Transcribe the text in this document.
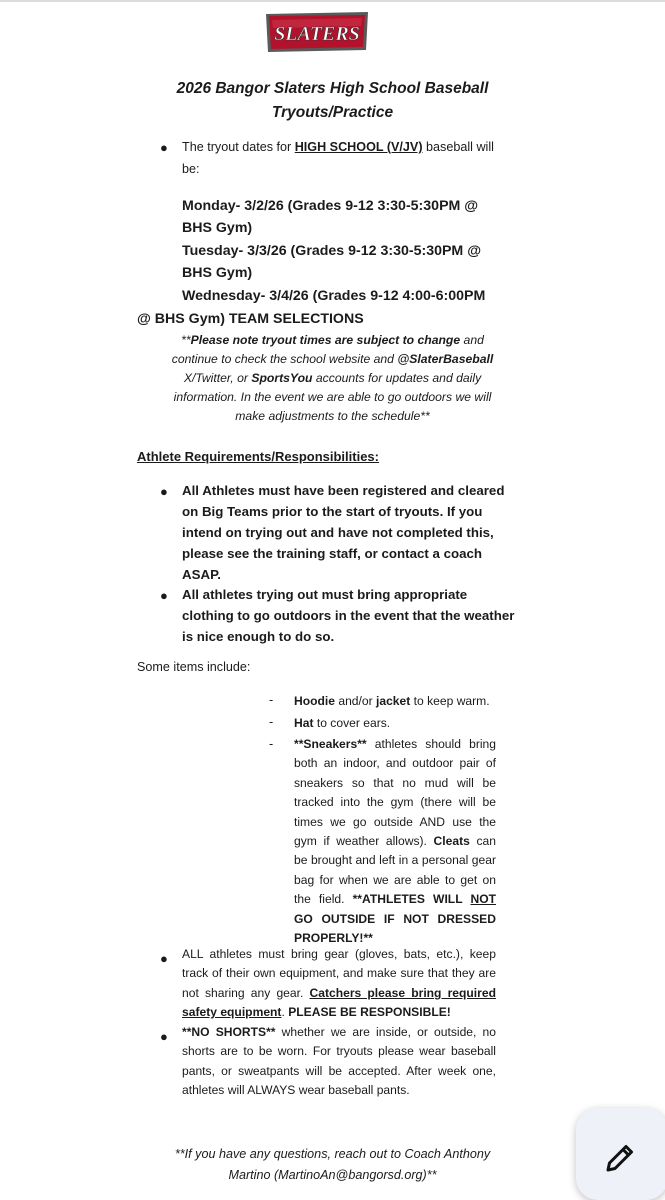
SLATERS
2026 Bangor Slaters High School Baseball
Tryouts/Practice
● The tryout dates for HIGH SCHOOL (V/JV) baseball will
be:
Monday- 3/2/26 (Grades 9-12 3:30-5:30PM @
BHS Gym)
Tuesday- 3/3/26 (Grades 9-12 3:30-5:30PM @
BHS Gym)
Wednesday- 3/4/26 (Grades 9-12 4:00-6:00PM
@ BHS Gym) TEAM SELECTIONS
**Please note tryout times are subject to change and
continue to check the school website and @SlaterBaseball
X/Twitter, or SportsYou accounts for updates and daily
information. In the event we are able to go outdoors we will
make adjustments to the schedule**
Athlete Requirements/Responsibilities:
● All Athletes must have been registered and cleared on Big Teams prior to the start of tryouts. If you intend on trying out and have not completed this, please see the training staff, or contact a coach ASAP.
● All athletes trying out must bring appropriate clothing to go outdoors in the event that the weather is nice enough to do so.
Some items include:
- Hoodie and/or jacket to keep warm.
- Hat to cover ears.
- **Sneakers** athletes should bring both an indoor, and outdoor pair of sneakers so that no mud will be tracked into the gym (there will be times we go outside AND use the gym if weather allows). Cleats can be brought and left in a personal gear bag for when we are able to get on the field. **ATHLETES WILL NOT GO OUTSIDE IF NOT DRESSED PROPERLY!**
● ALL athletes must bring gear (gloves, bats, etc.), keep track of their own equipment, and make sure that they are not sharing any gear. Catchers please bring required safety equipment. PLEASE BE RESPONSIBLE!
● **NO SHORTS** whether we are inside, or outside, no shorts are to be worn. For tryouts please wear baseball pants, or sweatpants will be accepted. After week one, athletes will ALWAYS wear baseball pants.
**If you have any questions, reach out to Coach Anthony
Martino (MartinoAn@bangorsd.org)**
